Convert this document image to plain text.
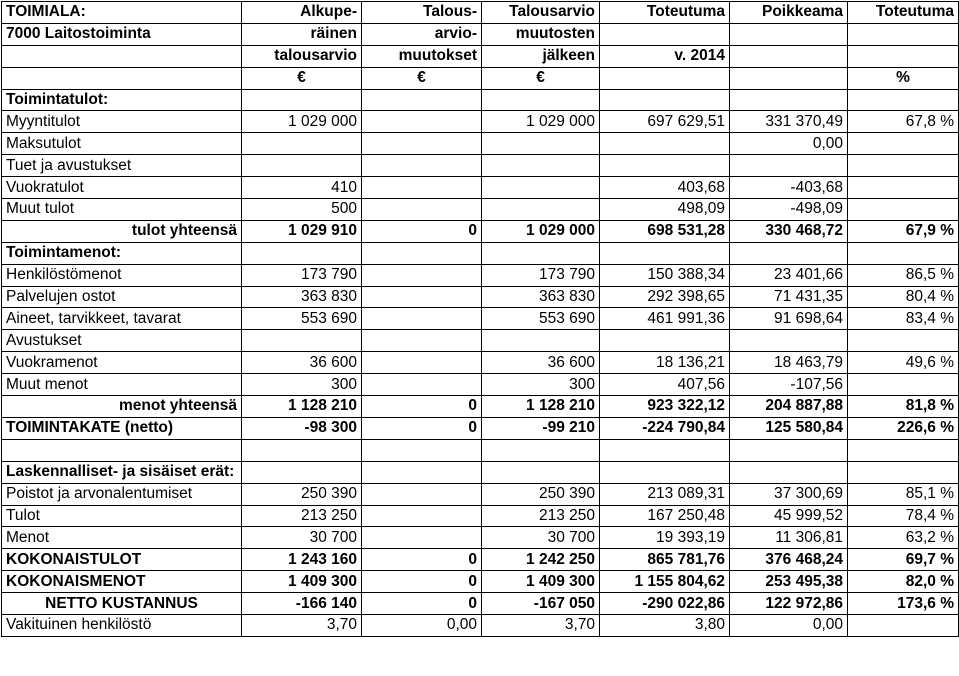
TOIMIALA:	Alkupe-	Talous-	Talousarvio	Toteutuma	Poikkeama	Toteutuma
7000 Laitostoiminta	räinen	arvio-	muutosten			
	talousarvio	muutokset	jälkeen	v. 2014		
	€	€	€			%
Toimintatulot:						
Myyntitulot	1 029 000		1 029 000	697 629,51	331 370,49	67,8 %
Maksutulot					0,00	
Tuet ja avustukset						
Vuokratulot	410			403,68	-403,68	
Muut tulot	500			498,09	-498,09	
tulot yhteensä	1 029 910	0	1 029 000	698 531,28	330 468,72	67,9 %
Toimintamenot:						
Henkilöstömenot	173 790		173 790	150 388,34	23 401,66	86,5 %
Palvelujen ostot	363 830		363 830	292 398,65	71 431,35	80,4 %
Aineet, tarvikkeet, tavarat	553 690		553 690	461 991,36	91 698,64	83,4 %
Avustukset						
Vuokramenot	36 600		36 600	18 136,21	18 463,79	49,6 %
Muut menot	300		300	407,56	-107,56	
menot yhteensä	1 128 210	0	1 128 210	923 322,12	204 887,88	81,8 %
TOIMINTAKATE (netto)	-98 300	0	-99 210	-224 790,84	125 580,84	226,6 %

Laskennalliset- ja sisäiset erät:						
Poistot ja arvonalentumiset	250 390		250 390	213 089,31	37 300,69	85,1 %
Tulot	213 250		213 250	167 250,48	45 999,52	78,4 %
Menot	30 700		30 700	19 393,19	11 306,81	63,2 %
KOKONAISTULOT	1 243 160	0	1 242 250	865 781,76	376 468,24	69,7 %
KOKONAISMENOT	1 409 300	0	1 409 300	1 155 804,62	253 495,38	82,0 %
NETTO KUSTANNUS	-166 140	0	-167 050	-290 022,86	122 972,86	173,6 %
Vakituinen henkilöstö	3,70	0,00	3,70	3,80	0,00	
